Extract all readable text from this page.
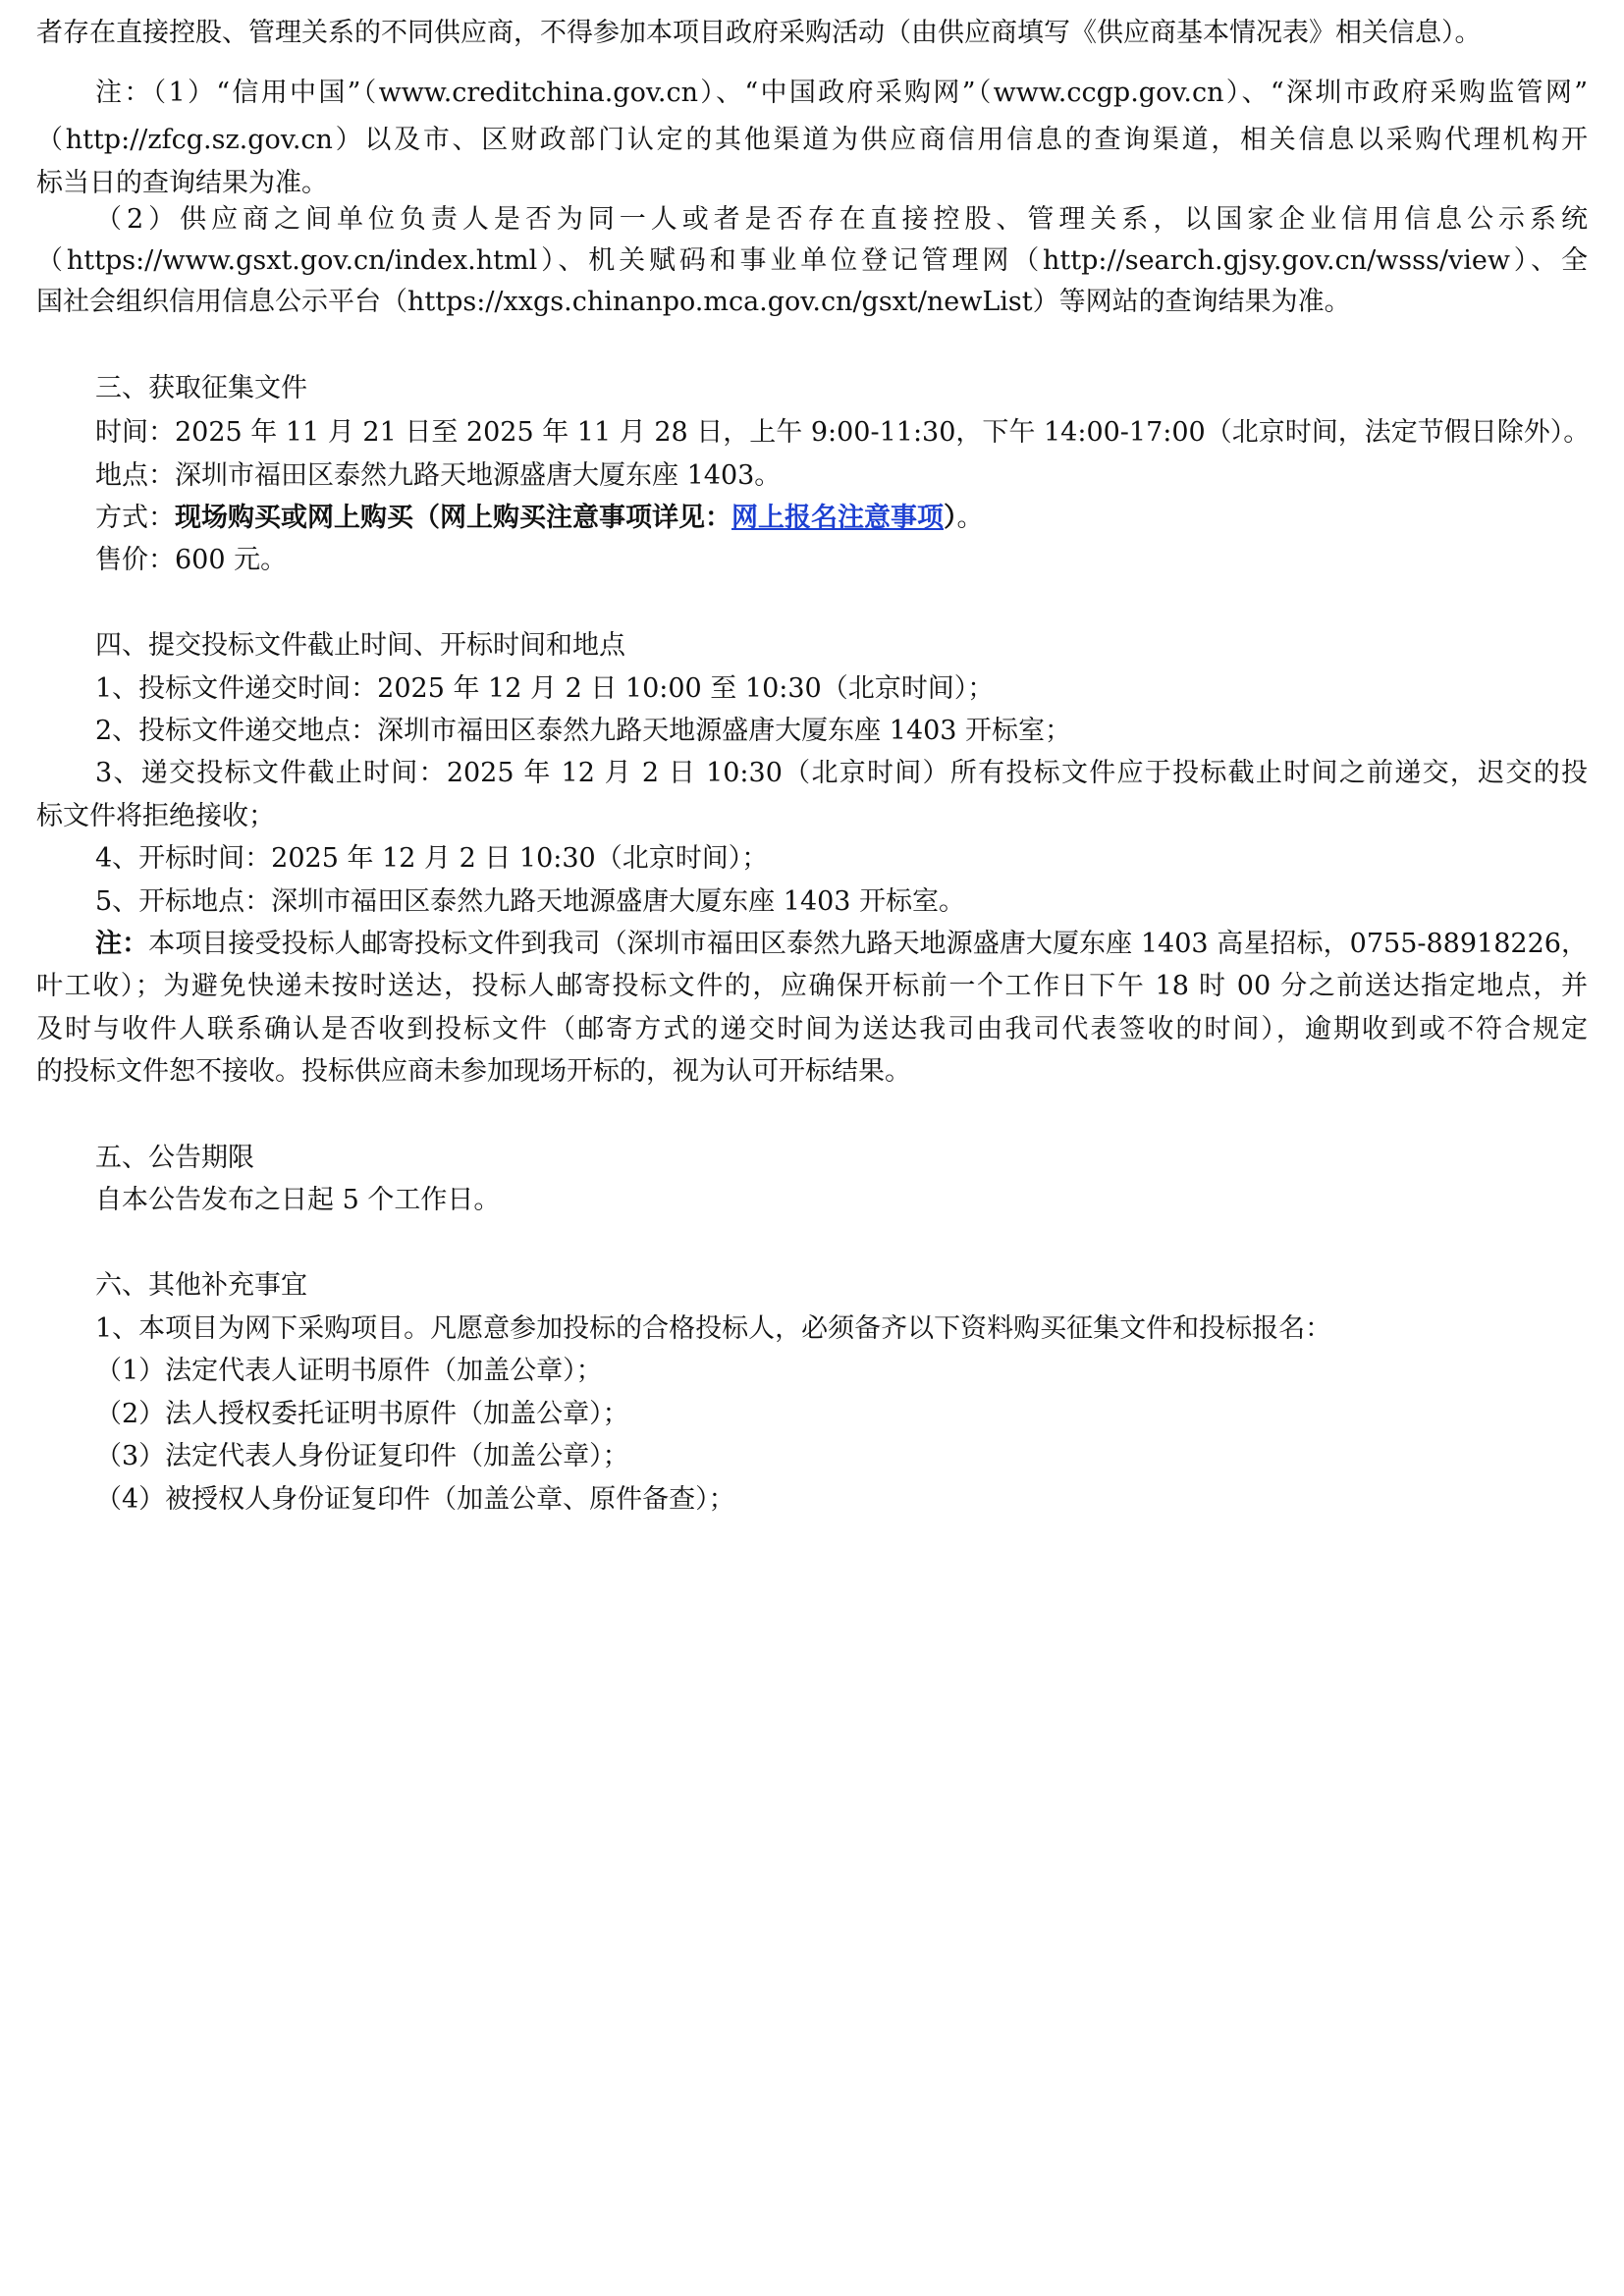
者存在直接控股、管理关系的不同供应商，不得参加本项目政府采购活动（由供应商填写《供应商基本情况表》相关信息）。
注：（1）“信用中国”（www.creditchina.gov.cn）、“中国政府采购网”（www.ccgp.gov.cn）、“深圳市政府采购监管网”
（http://zfcg.sz.gov.cn）以及市、区财政部门认定的其他渠道为供应商信用信息的查询渠道，相关信息以采购代理机构开
标当日的查询结果为准。
（2）供应商之间单位负责人是否为同一人或者是否存在直接控股、管理关系，以国家企业信用信息公示系统
（https://www.gsxt.gov.cn/index.html）、机关赋码和事业单位登记管理网（http://search.gjsy.gov.cn/wsss/view）、全
国社会组织信用信息公示平台（https://xxgs.chinanpo.mca.gov.cn/gsxt/newList）等网站的查询结果为准。
三、获取征集文件
时间：2025 年 11 月 21 日至 2025 年 11 月 28 日，上午 9:00-11:30，下午 14:00-17:00（北京时间，法定节假日除外）。
地点：深圳市福田区泰然九路天地源盛唐大厦东座 1403。
方式：现场购买或网上购买（网上购买注意事项详见：网上报名注意事项）。
售价：600 元。
四、提交投标文件截止时间、开标时间和地点
1、投标文件递交时间：2025 年 12 月 2 日 10:00 至 10:30（北京时间）；
2、投标文件递交地点：深圳市福田区泰然九路天地源盛唐大厦东座 1403 开标室；
3、递交投标文件截止时间：2025 年 12 月 2 日 10:30（北京时间）所有投标文件应于投标截止时间之前递交，迟交的投
标文件将拒绝接收；
4、开标时间：2025 年 12 月 2 日 10:30（北京时间）；
5、开标地点：深圳市福田区泰然九路天地源盛唐大厦东座 1403 开标室。
注：本项目接受投标人邮寄投标文件到我司（深圳市福田区泰然九路天地源盛唐大厦东座 1403 高星招标，0755-88918226，
叶工收）；为避免快递未按时送达，投标人邮寄投标文件的，应确保开标前一个工作日下午 18 时 00 分之前送达指定地点，并
及时与收件人联系确认是否收到投标文件（邮寄方式的递交时间为送达我司由我司代表签收的时间），逾期收到或不符合规定
的投标文件恕不接收。投标供应商未参加现场开标的，视为认可开标结果。
五、公告期限
自本公告发布之日起 5 个工作日。
六、其他补充事宜
1、本项目为网下采购项目。凡愿意参加投标的合格投标人，必须备齐以下资料购买征集文件和投标报名：
（1）法定代表人证明书原件（加盖公章）；
（2）法人授权委托证明书原件（加盖公章）；
（3）法定代表人身份证复印件（加盖公章）；
（4）被授权人身份证复印件（加盖公章、原件备查）；
